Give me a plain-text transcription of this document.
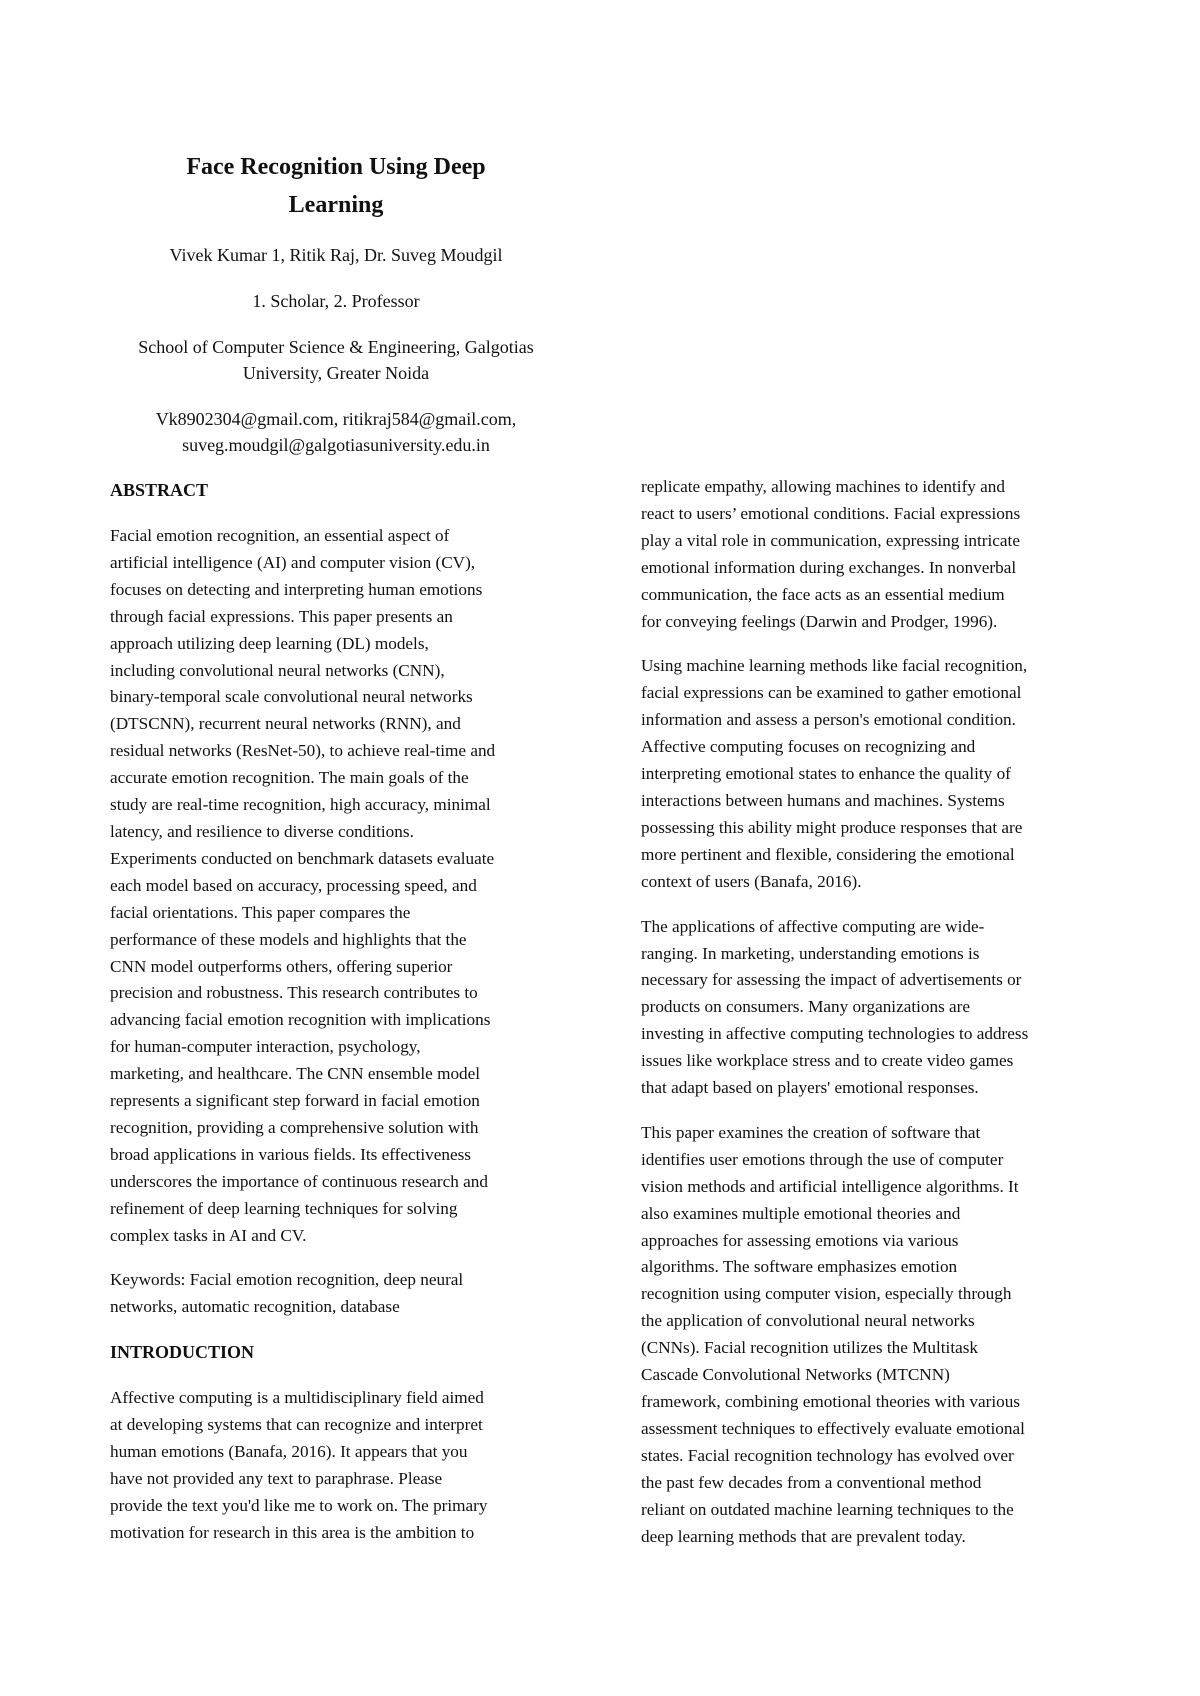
Face Recognition Using Deep
Learning
Vivek Kumar 1, Ritik Raj, Dr. Suveg Moudgil
1. Scholar, 2. Professor
School of Computer Science & Engineering, Galgotias
University, Greater Noida
Vk8902304@gmail.com, ritikraj584@gmail.com,
suveg.moudgil@galgotiasuniversity.edu.in
ABSTRACT
Facial emotion recognition, an essential aspect of
artificial intelligence (AI) and computer vision (CV),
focuses on detecting and interpreting human emotions
through facial expressions. This paper presents an
approach utilizing deep learning (DL) models,
including convolutional neural networks (CNN),
binary-temporal scale convolutional neural networks
(DTSCNN), recurrent neural networks (RNN), and
residual networks (ResNet-50), to achieve real-time and
accurate emotion recognition. The main goals of the
study are real-time recognition, high accuracy, minimal
latency, and resilience to diverse conditions.
Experiments conducted on benchmark datasets evaluate
each model based on accuracy, processing speed, and
facial orientations. This paper compares the
performance of these models and highlights that the
CNN model outperforms others, offering superior
precision and robustness. This research contributes to
advancing facial emotion recognition with implications
for human-computer interaction, psychology,
marketing, and healthcare. The CNN ensemble model
represents a significant step forward in facial emotion
recognition, providing a comprehensive solution with
broad applications in various fields. Its effectiveness
underscores the importance of continuous research and
refinement of deep learning techniques for solving
complex tasks in AI and CV.
Keywords: Facial emotion recognition, deep neural
networks, automatic recognition, database
INTRODUCTION
Affective computing is a multidisciplinary field aimed
at developing systems that can recognize and interpret
human emotions (Banafa, 2016). It appears that you
have not provided any text to paraphrase. Please
provide the text you'd like me to work on. The primary
motivation for research in this area is the ambition to
replicate empathy, allowing machines to identify and
react to users’ emotional conditions. Facial expressions
play a vital role in communication, expressing intricate
emotional information during exchanges. In nonverbal
communication, the face acts as an essential medium
for conveying feelings (Darwin and Prodger, 1996).
Using machine learning methods like facial recognition,
facial expressions can be examined to gather emotional
information and assess a person's emotional condition.
Affective computing focuses on recognizing and
interpreting emotional states to enhance the quality of
interactions between humans and machines. Systems
possessing this ability might produce responses that are
more pertinent and flexible, considering the emotional
context of users (Banafa, 2016).
The applications of affective computing are wide-
ranging. In marketing, understanding emotions is
necessary for assessing the impact of advertisements or
products on consumers. Many organizations are
investing in affective computing technologies to address
issues like workplace stress and to create video games
that adapt based on players' emotional responses.
This paper examines the creation of software that
identifies user emotions through the use of computer
vision methods and artificial intelligence algorithms. It
also examines multiple emotional theories and
approaches for assessing emotions via various
algorithms. The software emphasizes emotion
recognition using computer vision, especially through
the application of convolutional neural networks
(CNNs). Facial recognition utilizes the Multitask
Cascade Convolutional Networks (MTCNN)
framework, combining emotional theories with various
assessment techniques to effectively evaluate emotional
states. Facial recognition technology has evolved over
the past few decades from a conventional method
reliant on outdated machine learning techniques to the
deep learning methods that are prevalent today.
